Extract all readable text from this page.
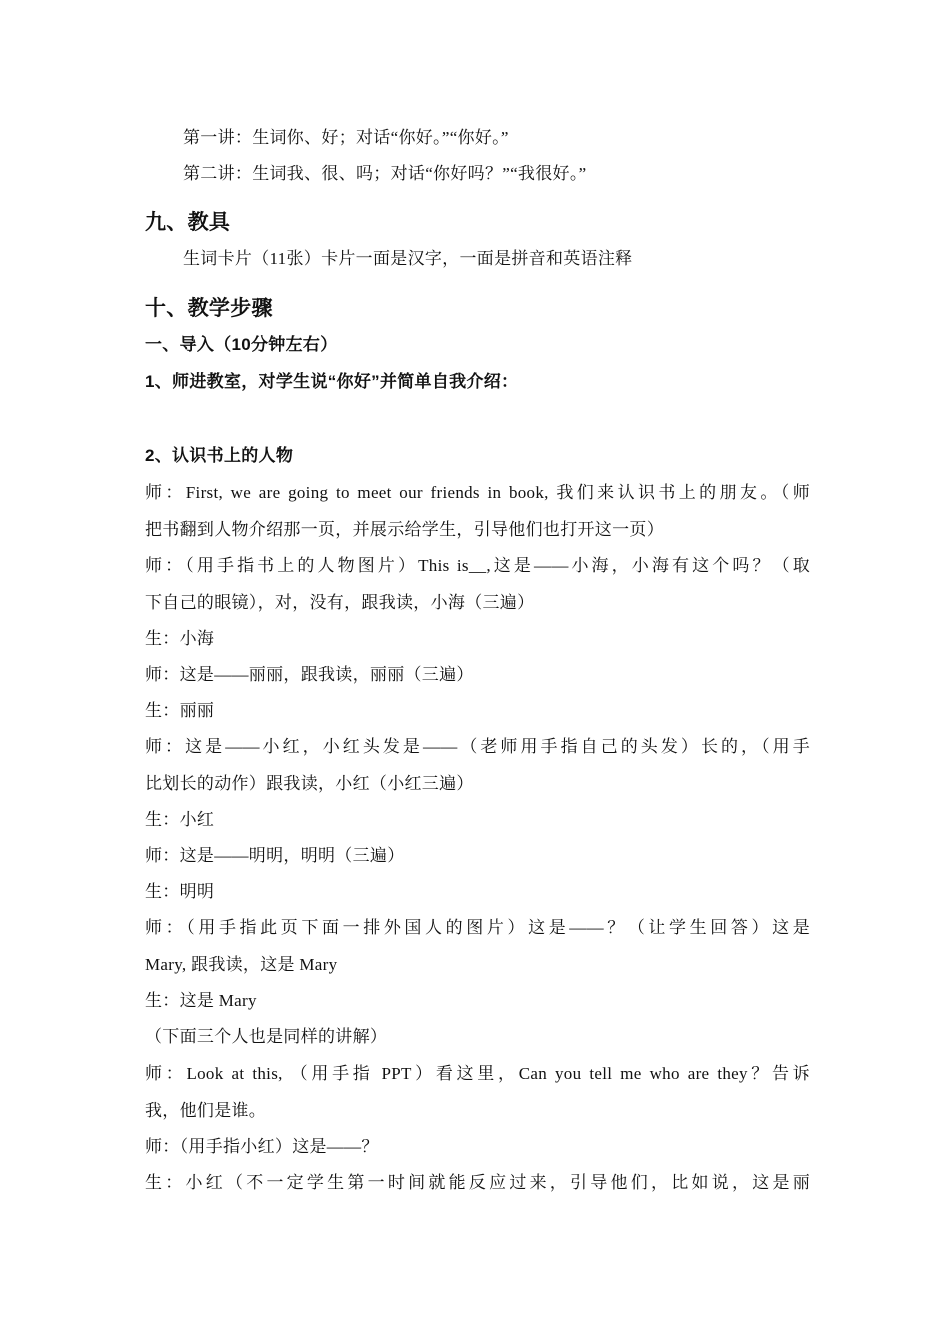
第一讲：生词你、好；对话“你好。”“你好。”
第二讲：生词我、很、吗；对话“你好吗？”“我很好。”
九、教具
生词卡片（11张）卡片一面是汉字，一面是拼音和英语注释
十、教学步骤
一、导入（10分钟左右）
1、师进教室，对学生说“你好”并简单自我介绍：
2、认识书上的人物
师：First, we are going to meet our friends in book, 我们来认识书上的朋友。（师
把书翻到人物介绍那一页，并展示给学生，引导他们也打开这一页）
师：（用手指书上的人物图片）This is__,这是——小海，小海有这个吗？（取
下自己的眼镜），对，没有，跟我读，小海（三遍）
生：小海
师：这是——丽丽，跟我读，丽丽（三遍）
生：丽丽
师：这是——小红，小红头发是——（老师用手指自己的头发）长的，（用手
比划长的动作）跟我读，小红（小红三遍）
生：小红
师：这是——明明，明明（三遍）
生：明明
师：（用手指此页下面一排外国人的图片）这是——？（让学生回答）这是
Mary, 跟我读，这是 Mary
生：这是 Mary
（下面三个人也是同样的讲解）
师：Look at this, （用手指 PPT）看这里，Can you tell me who are they？告诉
我，他们是谁。
师：（用手指小红）这是——？
生：小红（不一定学生第一时间就能反应过来，引导他们，比如说，这是丽
